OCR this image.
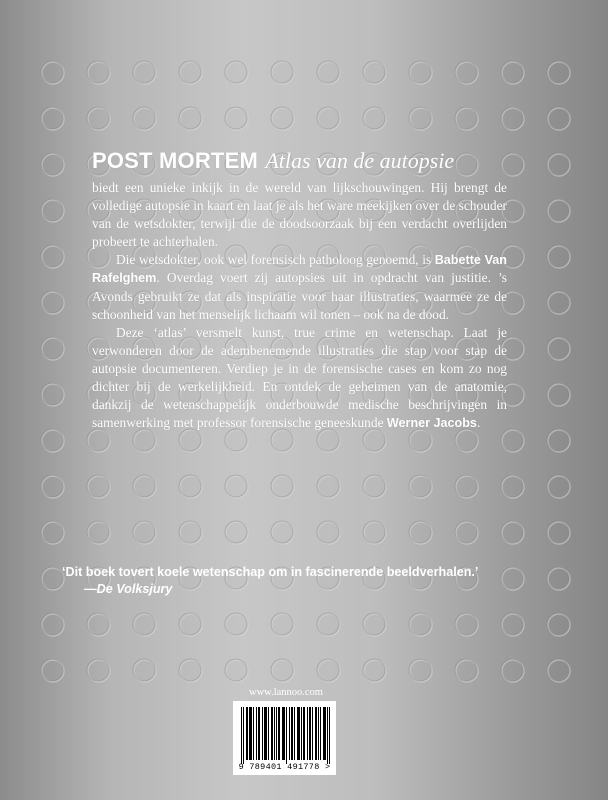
POST MORTEM Atlas van de autopsie

biedt een unieke inkijk in de wereld van lijkschouwingen. Hij brengt de volledige autopsie in kaart en laat je als het ware meekijken over de schouder van de wetsdokter, terwijl die de doodsoorzaak bij een verdacht overlijden probeert te achterhalen.

Die wetsdokter, ook wel forensisch patholoog genoemd, is Babette Van Rafelghem. Overdag voert zij autopsies uit in opdracht van justitie. ’s Avonds gebruikt ze dat als inspiratie voor haar illustraties, waarmee ze de schoonheid van het menselijk lichaam wil tonen – ook na de dood.

Deze ‘atlas’ versmelt kunst, true crime en wetenschap. Laat je verwonderen door de adembenemende illustraties die stap voor stap de autopsie documenteren. Verdiep je in de forensische cases en kom zo nog dichter bij de werkelijkheid. En ontdek de geheimen van de anatomie, dankzij de wetenschappelijk onderbouwde medische beschrijvingen in samenwerking met professor forensische geneeskunde Werner Jacobs.

‘Dit boek tovert koele wetenschap om in fascinerende beeldverhalen.’
—De Volksjury
www.lannoo.com
9 789401 491778 >
